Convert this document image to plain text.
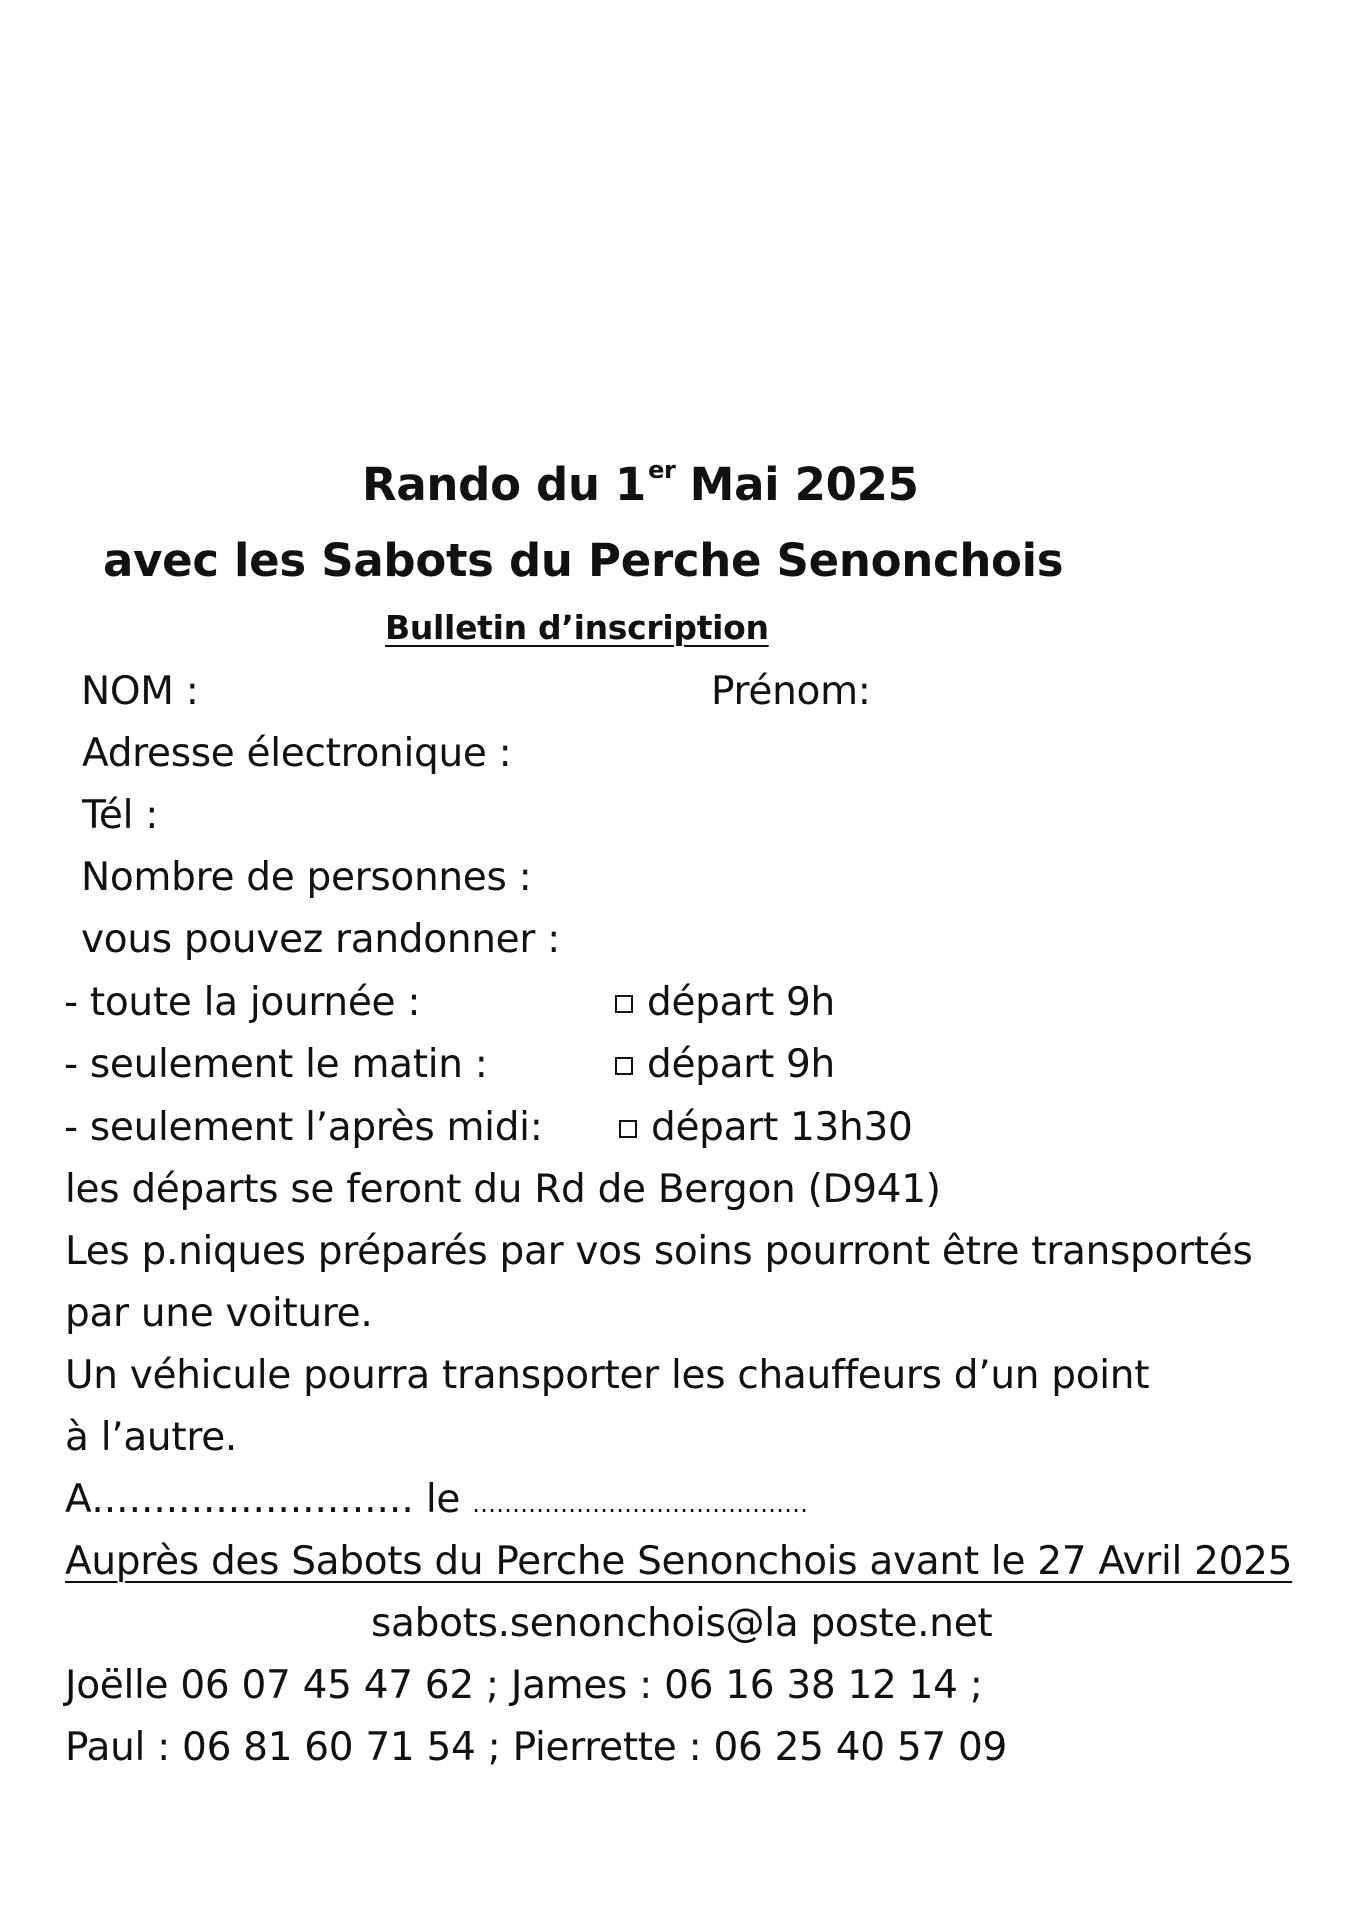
Rando du 1er Mai 2025
avec les Sabots du Perche Senonchois
Bulletin d’inscription
NOM :	Prénom:
Adresse électronique :
Tél :
Nombre de personnes :
vous pouvez randonner :
- toute la journée :	départ 9h
- seulement le matin :	départ 9h
- seulement l’après midi:	départ 13h30
les départs se feront du Rd de Bergon (D941)
Les p.niques préparés par vos soins pourront être transportés
par une voiture.
Un véhicule pourra transporter les chauffeurs d’un point
à l’autre.
A.......................... le ……………………………………
Auprès des Sabots du Perche Senonchois avant le 27 Avril 2025
sabots.senonchois@la poste.net
Joëlle 06 07 45 47 62 ; James : 06 16 38 12 14 ;
Paul : 06 81 60 71 54 ; Pierrette : 06 25 40 57 09
